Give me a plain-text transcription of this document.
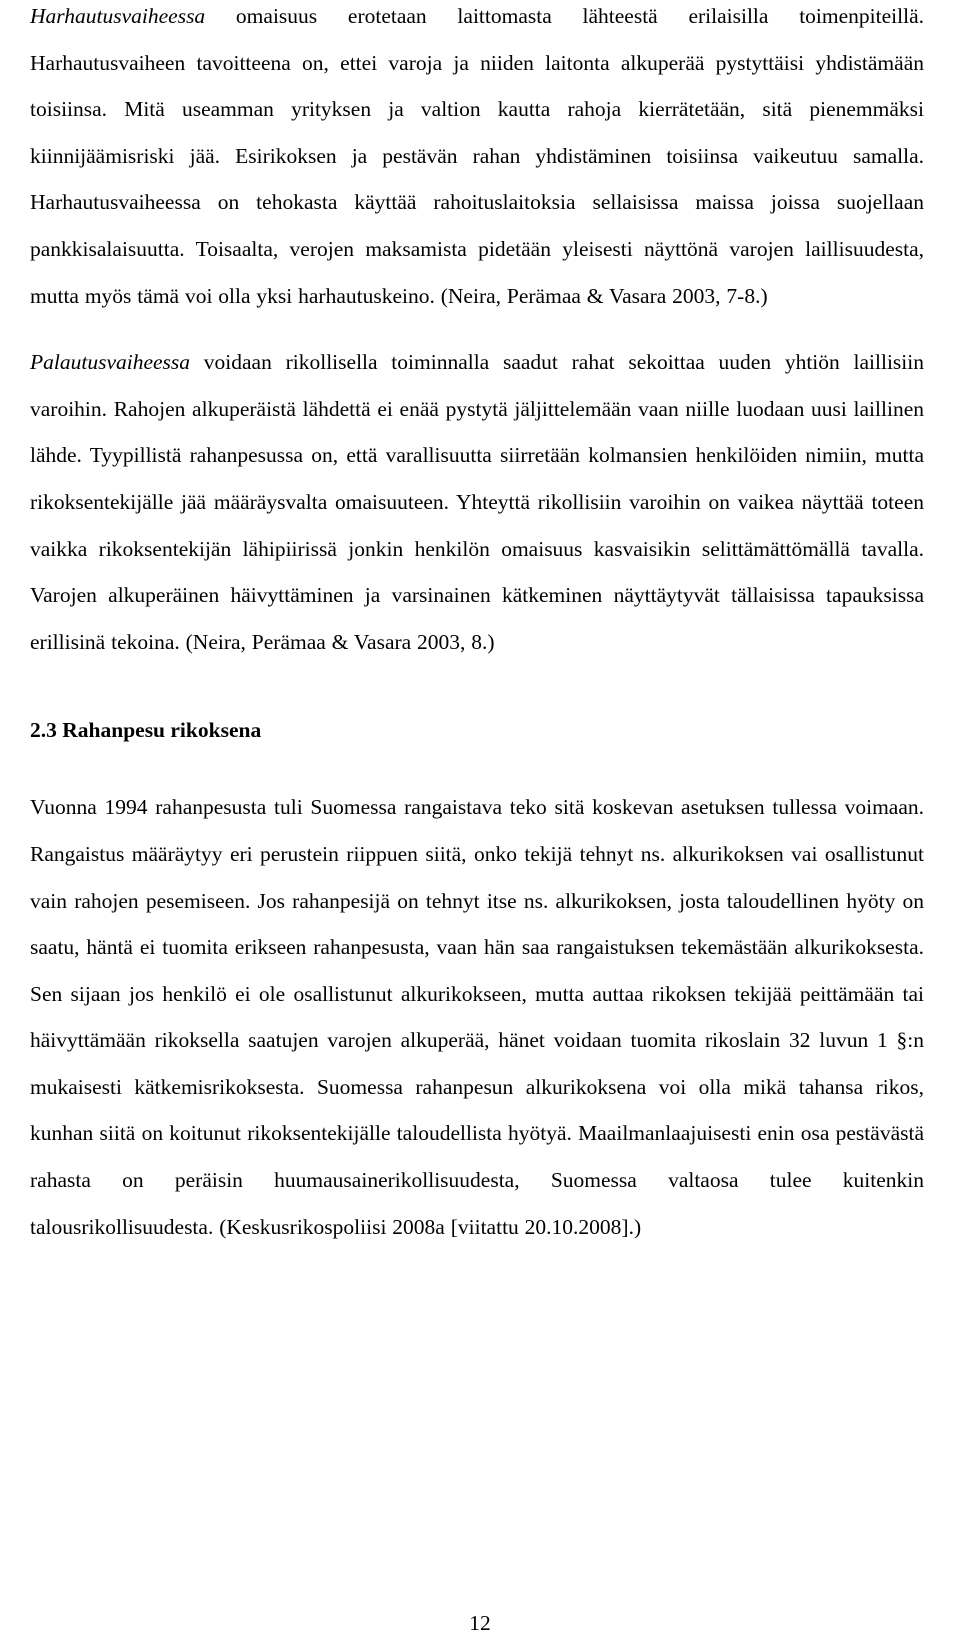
Harhautusvaiheessa omaisuus erotetaan laittomasta lähteestä erilaisilla toimenpiteillä. Harhautusvaiheen tavoitteena on, ettei varoja ja niiden laitonta alkuperää pystyttäisi yhdistämään toisiinsa. Mitä useamman yrityksen ja valtion kautta rahoja kierrätetään, sitä pienemmäksi kiinnijäämisriski jää. Esirikoksen ja pestävän rahan yhdistäminen toisiinsa vaikeutuu samalla. Harhautusvaiheessa on tehokasta käyttää rahoituslaitoksia sellaisissa maissa joissa suojellaan pankkisalaisuutta. Toisaalta, verojen maksamista pidetään yleisesti näyttönä varojen laillisuudesta, mutta myös tämä voi olla yksi harhautuskeino. (Neira, Perämaa & Vasara 2003, 7-8.)

Palautusvaiheessa voidaan rikollisella toiminnalla saadut rahat sekoittaa uuden yhtiön laillisiin varoihin. Rahojen alkuperäistä lähdettä ei enää pystytä jäljittelemään vaan niille luodaan uusi laillinen lähde. Tyypillistä rahanpesussa on, että varallisuutta siirretään kolmansien henkilöiden nimiin, mutta rikoksentekijälle jää määräysvalta omaisuuteen. Yhteyttä rikollisiin varoihin on vaikea näyttää toteen vaikka rikoksentekijän lähipiirissä jonkin henkilön omaisuus kasvaisikin selittämättömällä tavalla. Varojen alkuperäinen häivyttäminen ja varsinainen kätkeminen näyttäytyvät tällaisissa tapauksissa erillisinä tekoina. (Neira, Perämaa & Vasara 2003, 8.)

2.3 Rahanpesu rikoksena

Vuonna 1994 rahanpesusta tuli Suomessa rangaistava teko sitä koskevan asetuksen tullessa voimaan. Rangaistus määräytyy eri perustein riippuen siitä, onko tekijä tehnyt ns. alkurikoksen vai osallistunut vain rahojen pesemiseen. Jos rahanpesijä on tehnyt itse ns. alkurikoksen, josta taloudellinen hyöty on saatu, häntä ei tuomita erikseen rahanpesusta, vaan hän saa rangaistuksen tekemästään alkurikoksesta. Sen sijaan jos henkilö ei ole osallistunut alkurikokseen, mutta auttaa rikoksen tekijää peittämään tai häivyttämään rikoksella saatujen varojen alkuperää, hänet voidaan tuomita rikoslain 32 luvun 1 §:n mukaisesti kätkemisrikoksesta. Suomessa rahanpesun alkurikoksena voi olla mikä tahansa rikos, kunhan siitä on koitunut rikoksentekijälle taloudellista hyötyä. Maailmanlaajuisesti enin osa pestävästä rahasta on peräisin huumausainerikollisuudesta, Suomessa valtaosa tulee kuitenkin talousrikollisuudesta. (Keskusrikospoliisi 2008a [viitattu 20.10.2008].)

12
